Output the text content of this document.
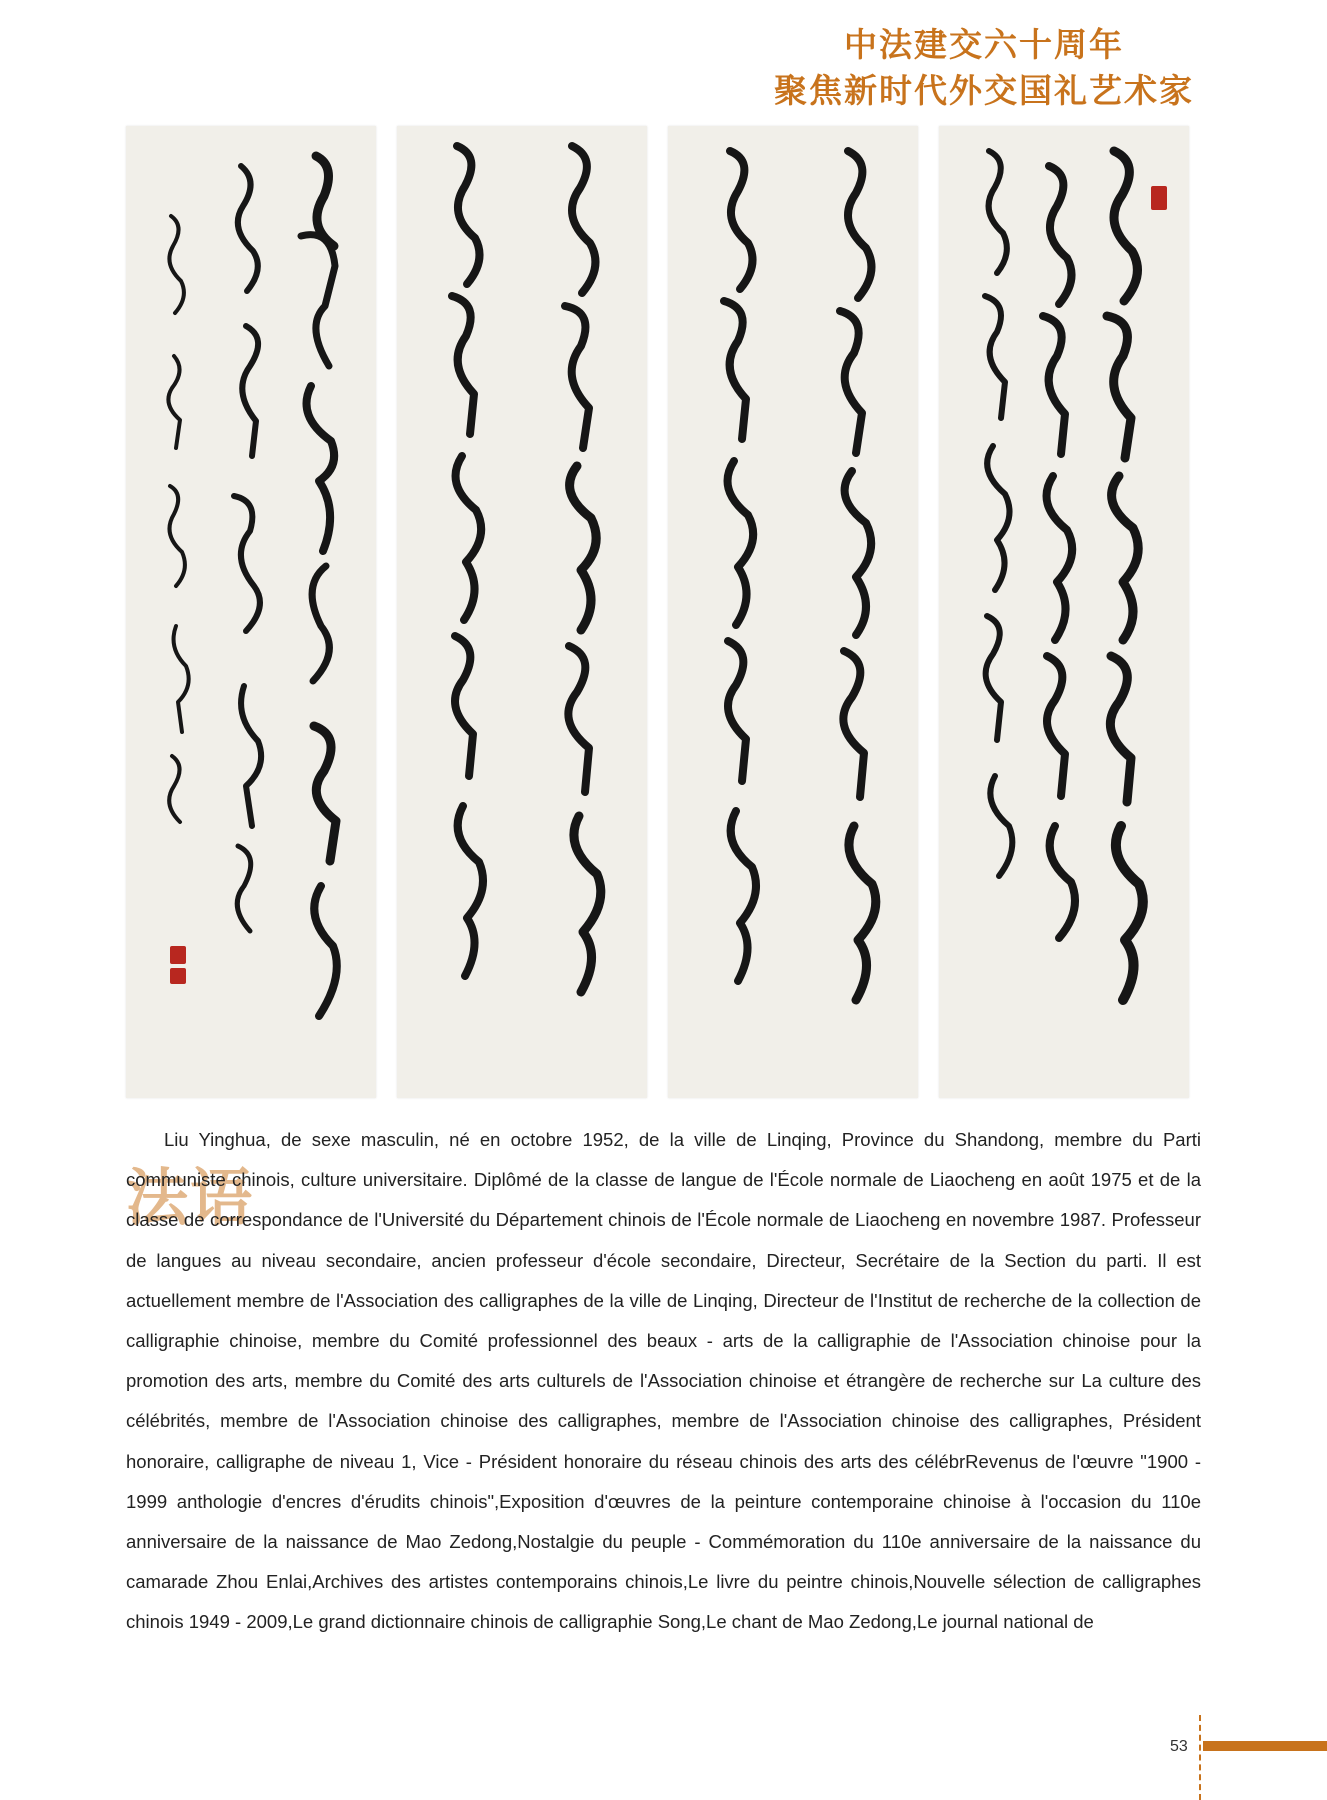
中法建交六十周年
聚焦新时代外交国礼艺术家
法语
Liu Yinghua, de sexe masculin, né en octobre 1952, de la ville de Linqing, Province du Shandong, membre du Parti communiste chinois, culture universitaire. Diplômé de la classe de langue de l'École normale de Liaocheng en août 1975 et de la classe de correspondance de l'Université du Département chinois de l'École normale de Liaocheng en novembre 1987. Professeur de langues au niveau secondaire, ancien professeur d'école secondaire, Directeur, Secrétaire de la Section du parti. Il est actuellement membre de l'Association des calligraphes de la ville de Linqing, Directeur de l'Institut de recherche de la collection de calligraphie chinoise, membre du Comité professionnel des beaux - arts de la calligraphie de l'Association chinoise pour la promotion des arts, membre du Comité des arts culturels de l'Association chinoise et étrangère de recherche sur La culture des célébrités, membre de l'Association chinoise des calligraphes, membre de l'Association chinoise des calligraphes, Président honoraire, calligraphe de niveau 1, Vice - Président honoraire du réseau chinois des arts des célébrRevenus de l'œuvre "1900 - 1999 anthologie d'encres d'érudits chinois",Exposition d'œuvres de la peinture contemporaine chinoise à l'occasion du 110e anniversaire de la naissance de Mao Zedong,Nostalgie du peuple - Commémoration du 110e anniversaire de la naissance du camarade Zhou Enlai,Archives des artistes contemporains chinois,Le livre du peintre chinois,Nouvelle sélection de calligraphes chinois 1949 - 2009,Le grand dictionnaire chinois de calligraphie Song,Le chant de Mao Zedong,Le journal national de
53
